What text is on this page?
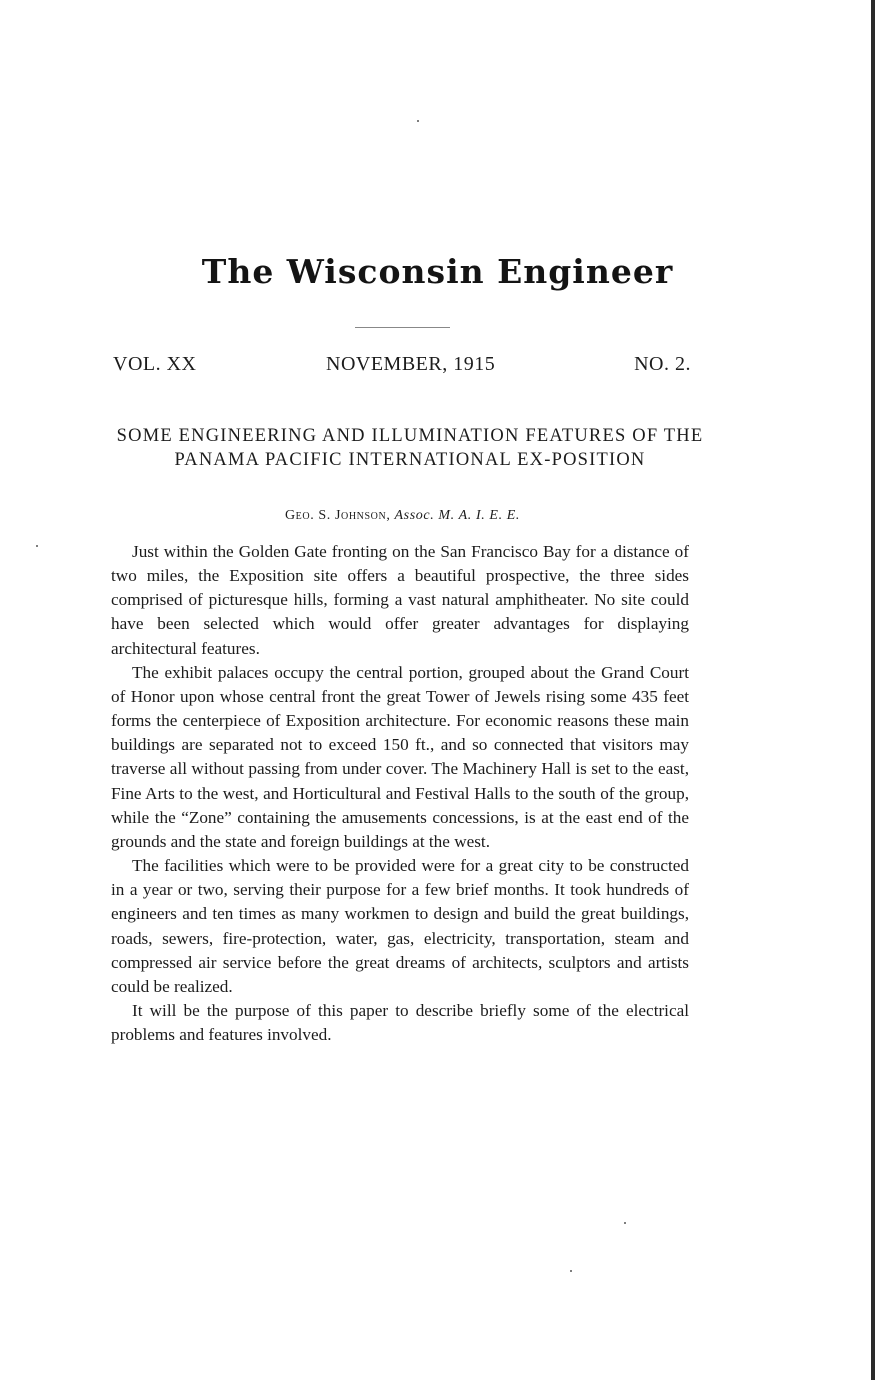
The Wisconsin Engineer
VOL. XX	NOVEMBER, 1915	NO. 2.
SOME ENGINEERING AND ILLUMINATION FEATURES OF THE PANAMA PACIFIC INTERNATIONAL EX-POSITION
Geo. S. Johnson, Assoc. M. A. I. E. E.

Just within the Golden Gate fronting on the San Francisco Bay for a distance of two miles, the Exposition site offers a beautiful prospective, the three sides comprised of picturesque hills, forming a vast natural amphitheater. No site could have been selected which would offer greater advantages for displaying architectural features.

The exhibit palaces occupy the central portion, grouped about the Grand Court of Honor upon whose central front the great Tower of Jewels rising some 435 feet forms the centerpiece of Exposition architecture. For economic reasons these main buildings are separated not to exceed 150 ft., and so connected that visitors may traverse all without passing from under cover. The Machinery Hall is set to the east, Fine Arts to the west, and Horticultural and Festival Halls to the south of the group, while the “Zone” containing the amusements concessions, is at the east end of the grounds and the state and foreign buildings at the west.

The facilities which were to be provided were for a great city to be constructed in a year or two, serving their purpose for a few brief months. It took hundreds of engineers and ten times as many workmen to design and build the great buildings, roads, sewers, fire-protection, water, gas, electricity, transportation, steam and compressed air service before the great dreams of architects, sculptors and artists could be realized.

It will be the purpose of this paper to describe briefly some of the electrical problems and features involved.
